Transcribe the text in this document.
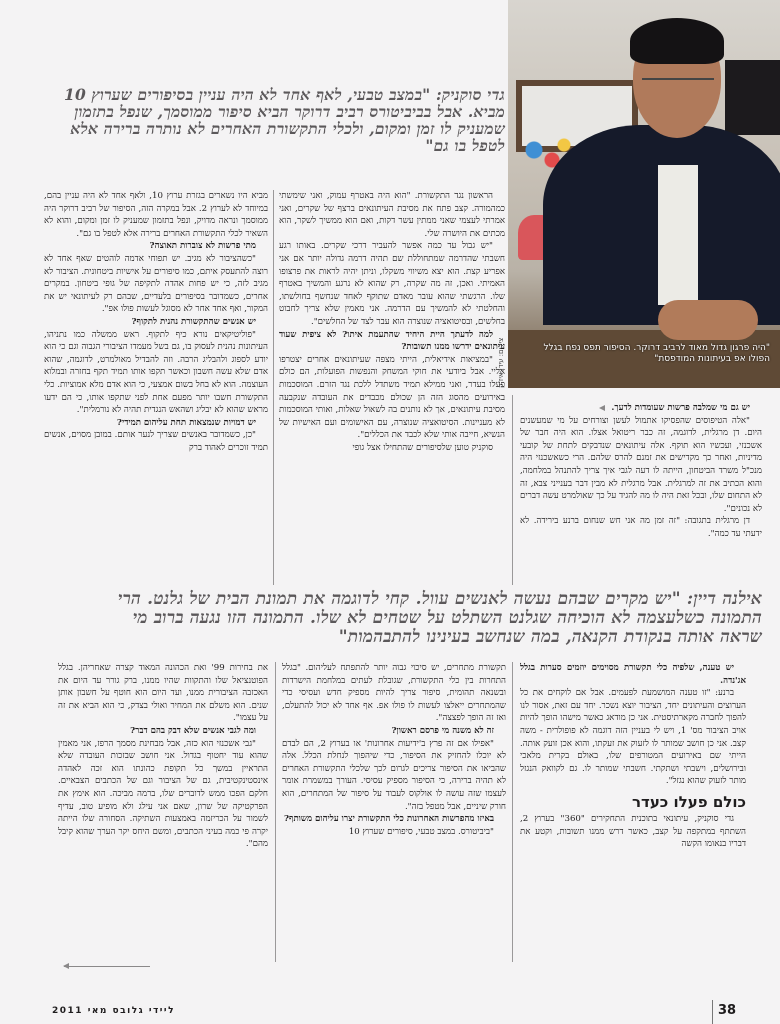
"היה פרגון גדול מאוד לרביב דרוקר. הסיפור תפס נפח בגלל הפולו אפ בעיתונות המודפסת"
צילום: עידו איז'ק
גדי סוקניק: "במצב טבעי, לאף אחד לא היה עניין בסיפורים שערוץ 10 מביא. אבל בביביטורס רביב דרוקר הביא סיפור ממוסמך, שנפל בתזמון שמעניק לו זמן ומקום, ולכלי התקשורת האחרים לא נותרה ברירה אלא לטפל בו גם"
אילנה דיין: "יש מקרים שבהם נעשה לאנשים עוול. קחי לדוגמה את תמונת הבית של גלנט. הרי התמונה כשלעצמה לא הוכיחה שגלנט השתלט על שטחים לא שלו. התמונה הזו נגעה ברוב מי שראה אותה בנקודת הקנאה, במה שנחשב בעינינו להתבהמות"

יש גם מי שמלבה פרשות שעומדות לדעך.

"אלה הטיפוסים שהפסיקו אתמול לעשן וצורחים על מי שמעשנים היום. דן מרגלית, לדוגמה, זה כבר ריטואל אצלו. הוא היה חבר של אשכנזי, ועכשיו הוא תוקף. אלה עיתונאים שנדבקים לתחת של קובעי מדיניות, ואחר כך מקדישים את זמנם להרס שלהם. הרי כשאשכנזי היה מנכ"ל משרד הביטחון, הייתה לו דעה לגבי איך צריך להתנהל במלחמה, והוא הכתיב את זה למרגלית. אבל מרגלית לא מבין דבר בענייני צבא, זה לא התחום שלו, ובכל זאת היה לו מה להגיד על כך שאולמרט עשה דברים לא נכונים".

דן מרגלית בתגובה: "זה זמן מה אני חש שנחום ברנע בירידה. לא ידעתי עד כמה".

הראשון נגד התקשורת. "הוא היה באטרף עמוק, ואני שימשתי כמהמורה. קצב פתח את מסיבת העיתונאים ברצף של שקרים, ואני אמרתי לעצמי שאני ממתין עשר דקות, ואם הוא ממשיך לשקר, הוא מכתים את היושרה שלי.

"יש גבול עד כמה אפשר להעביר דרכי שקרים. באותו רגע חשבתי שהדרמה שמתחוללת שם תהיה דרמה גדולה יותר אם אני אפריע קצת. הוא יצא משיווי משקלו, וניתן יהיה לראות את פרצופו האמיתי. ואכן, זה מה שקרה, רק שהוא לא נרגע והמשיך באטרף שלו. הרגשתי שהוא עובר מאדם שתוקף לאחד שנחשף בחולשתו, והחלטתי לא להמשיך עם הדרמה. אני מאמין שלא צריך לחבוט בחלשים, ובסיטואציה שנוצרה הוא עבר לצד של החלשים".

למה לדעתך היית היחיד שהתעמת איתו? לא ציפית שעוד עיתונאים ידרשו ממנו תשובות?

"במציאות אידיאלית, הייתי מצפה שעיתונאים אחרים יצטרפו אליי. אבל ביודעי את חוקי המשחק והנפשות הפועלות, הם כולם פעלו בעדר, ואני ממילא תמיד משתדל ללכת נגד הזרם. המוסכמות באירועים מהסוג הזה הן שכולם מכבדים את העובדה שנקבעה מסיבת עיתונאים, אך לא נותנים בה לשאול שאלות, ואותי המוסכמות לא מעניינות. הסיטואציה שנוצרה, עם האישומים ועם האישיות של הנשיא, חייבה אותי שלא לכבד את הכללים".

סוקניק טוען שלסיפורים שהתחילו אצל גופי

מביא היו נשארים בגזרת ערוץ 10, ולאף אחד לא היה עניין בהם, במיוחד לא לערוץ 2. אבל במקרה הזה, הסיפור של רביב דרוקר היה ממוסמך ונראה מדויק, ונפל בתזמון שמעניק לו זמן ומקום, והוא לא השאיר לכלי התקשורת האחרים ברירה אלא לטפל בו גם".

מתי פרשות לא צוברות תאוצה?

"כשהציבור לא מגיב. יש תפוחי אדמה לוהטים שאף אחד לא רוצה להתעסק איתם, כמו סיפורים על אישיות ביטחונית. הציבור לא מגיב לזה, כי יש פחות אהדה לתקיפה של גופי ביטחון. במקרים אחרים, כשמדובר בסיפורים בלעדיים, שבהם רק לעיתונאי יש את המקור, ואף אחד אחר לא מסוגל לעשות פולו אפ".

יש אנשים שהתקשורת נהנית לתקוף?

"פוליטיקאים נורא כיף לתקוף. ראש ממשלה כמו נתניהו, העיתונות נהנית לעסוק בו, גם בשל מעמדו הציבורי הגבוה וגם כי הוא יודע לספוג ולהבליג הרבה. וזה להבדיל מאולמרט, לדוגמה, שהוא אדם שלא עשה חשבון וכאשר תקפו אותו תמיד תקף בחזרה ובמלוא העוצמה. הוא לא בחל בשום אמצעי, כי הוא אדם מלא אמוציות. כלי התקשורת חשבו יותר מפעם אחת לפני שתקפו אותו, כי הם ידעו מראש שהוא לא יבליג ושהאש הנגדית תהיה לא נורמלית".

יש דמויות שנמצאות תחת עליהום תמידי?

"כן, כשמדובר באנשים שצריך לנער אותם. במובן מסוים, אנשים תמיד זוכרים לאהוד ברק

יש טענה, שלפיה כלי תקשורת מסוימים יוזמים סערות בגלל אג'נדה.

ברנע: "זו טענה המושמעת לפעמים. אבל אם לוקחים את כל הערוצים והעיתונים יחד, הציבור יוצא נשכר. יחד עם זאת, אסור לנו להפוך לחברה מקארתיסטית. אני כן מודאג כאשר מישהו הופך להיות אויב הציבור מס' 1, ויש לי בעניין הזה דוגמה לא פופולרית - משה קצב. אני כן חושב שמותר לו לזעוק את זעקתו, והוא אכן זועק אותה. הייתי שם באירועים המטורפים שלו, באולם בקרית מלאכי ובירושלים, וישבתי ושתקתי. חשבתי שמותר לו. גם לקוואק הנגזל מותר לזעוק שהוא נגזל".

כולם פעלו כעדר

גדי סוקניק, עיתונאי בתוכנית התחקירים "360" בערוץ 2, השתתף במתקפה על קצב, כאשר דרש ממנו תשובות, וקטע את דבריו בנאומו הקשה

תקשורת מתחרים, יש סיכוי גבוה יותר להתפתח לעליהום. "בגלל התחרות בין כלי התקשורת, שגובלת לעתים במלחמת הישרדות ובשנאה תהומית, סיפור צריך להיות מספיק חדש ועסיסי כדי שהמתחרים ייאלצו לעשות לו פולו אפ. אף אחד לא יכול להתעלם, ואז זה הופך לפצצה".

זה לא משנה מי פרסם ראשון?

"אפילו אם זה פרץ ב'ידיעות אחרונות' או בערוץ 2, הם לבדם לא יוכלו להחזיק את הסיפור, כדי שיהפוך לנחלת הכלל. אלה שהביאו את הסיפור צריכים לגרום לכך שלכלי התקשורת האחרים לא תהיה ברירה, כי הסיפור מספיק עסיסי. העורך במשמרת אומר לעצמו שזה עושה לו אולקוס לעבוד על סיפור של המתחרים, הוא חורק שיניים, אבל מטפל בזה".

באיזו מהפרשות האחרונות כלי התקשורת יצרו עליהום משותף?

"ביביטורס. במצב טבעי, סיפורים שערוץ 10

את בחירות 99' ואת הכהונה המאוד קצרה שאחריהן. בגלל הפוטנציאל שלו והתקוות שהיו ממנו, ברק גורר עד היום את האכזבה הציבורית ממנו, ועד היום הוא חוטף על חשבון אותן שנים. הוא משלם את המחיר ואולי בצדק, כי הוא הביא את זה על עצמו".

ומה לגבי אנשים שלא דבק בהם דבר?

"גבי אשכנזי הוא כזה, אבל מבחינת מסמך הרפז, אני מאמין שהוא עוד יחטוף בגדול. אני חושב שבזכות העובדה שלא התראיין במשך כל תקופת כהונתו הוא זכה לאהדה אינסטינקטיבית, גם של הציבור וגם של הכתבים הצבאיים. חלקם הפכו ממש לדוברים שלו, ברמה מביכה. הוא אימץ את הפרקטיקה של שרון, שאם אני עילג ולא מופיע טוב, עדיף לשמור על הכריזמה באמצעות השתיקה. הסחורה שלו הייתה יקרה פי כמה בעיני הכתבים, ומשם היחס יקר הערך שהוא קיבל מהם".

ליידי גלובס מאי 2011	38
